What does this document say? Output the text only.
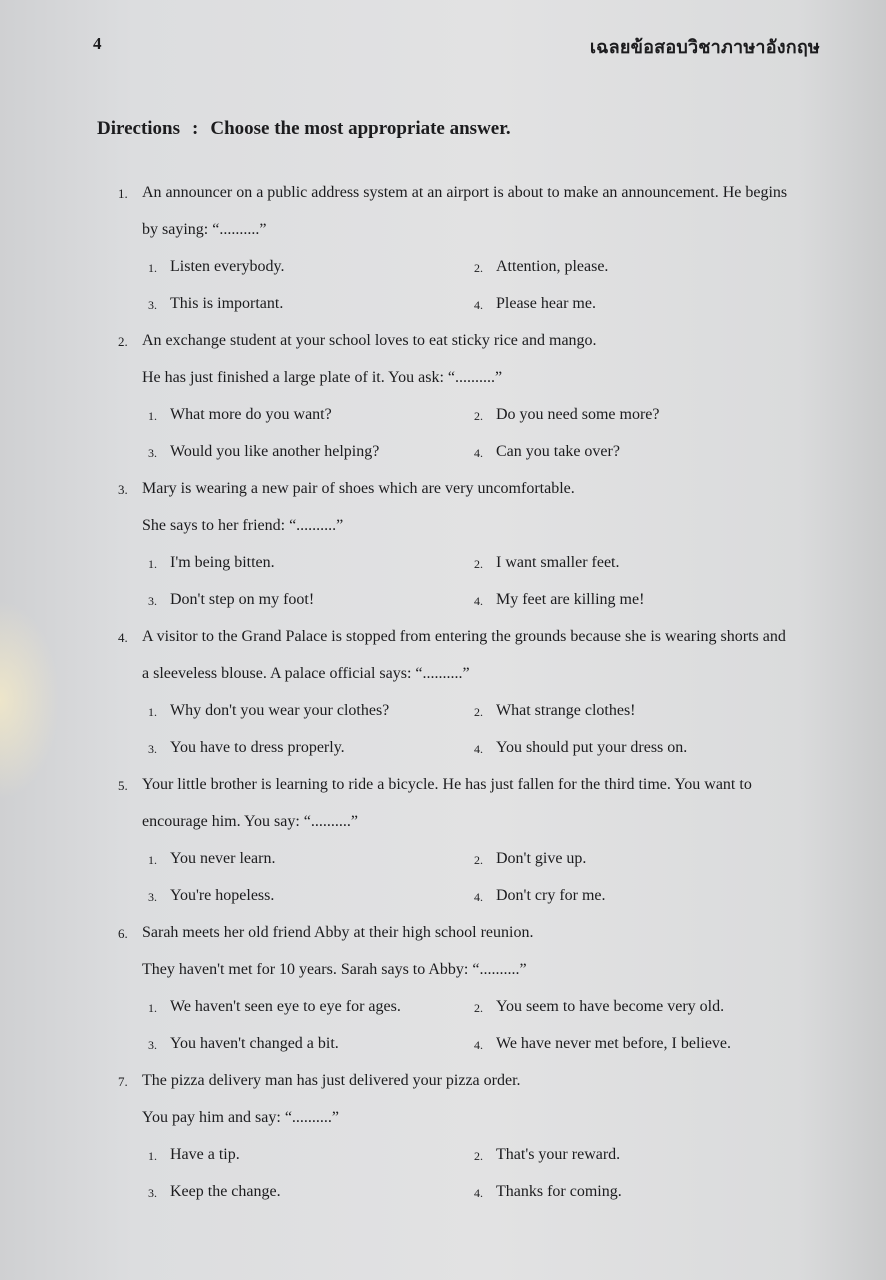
4	เฉลยข้อสอบวิชาภาษาอังกฤษ
Directions : Choose the most appropriate answer.
1. An announcer on a public address system at an airport is about to make an announcement. He begins
by saying: “..........”
1. Listen everybody.	2. Attention, please.
3. This is important.	4. Please hear me.
2. An exchange student at your school loves to eat sticky rice and mango.
He has just finished a large plate of it. You ask: “..........”
1. What more do you want?	2. Do you need some more?
3. Would you like another helping?	4. Can you take over?
3. Mary is wearing a new pair of shoes which are very uncomfortable.
She says to her friend: “..........”
1. I'm being bitten.	2. I want smaller feet.
3. Don't step on my foot!	4. My feet are killing me!
4. A visitor to the Grand Palace is stopped from entering the grounds because she is wearing shorts and
a sleeveless blouse. A palace official says: “..........”
1. Why don't you wear your clothes?	2. What strange clothes!
3. You have to dress properly.	4. You should put your dress on.
5. Your little brother is learning to ride a bicycle. He has just fallen for the third time. You want to
encourage him. You say: “..........”
1. You never learn.	2. Don't give up.
3. You're hopeless.	4. Don't cry for me.
6. Sarah meets her old friend Abby at their high school reunion.
They haven't met for 10 years. Sarah says to Abby: “..........”
1. We haven't seen eye to eye for ages.	2. You seem to have become very old.
3. You haven't changed a bit.	4. We have never met before, I believe.
7. The pizza delivery man has just delivered your pizza order.
You pay him and say: “..........”
1. Have a tip.	2. That's your reward.
3. Keep the change.	4. Thanks for coming.
